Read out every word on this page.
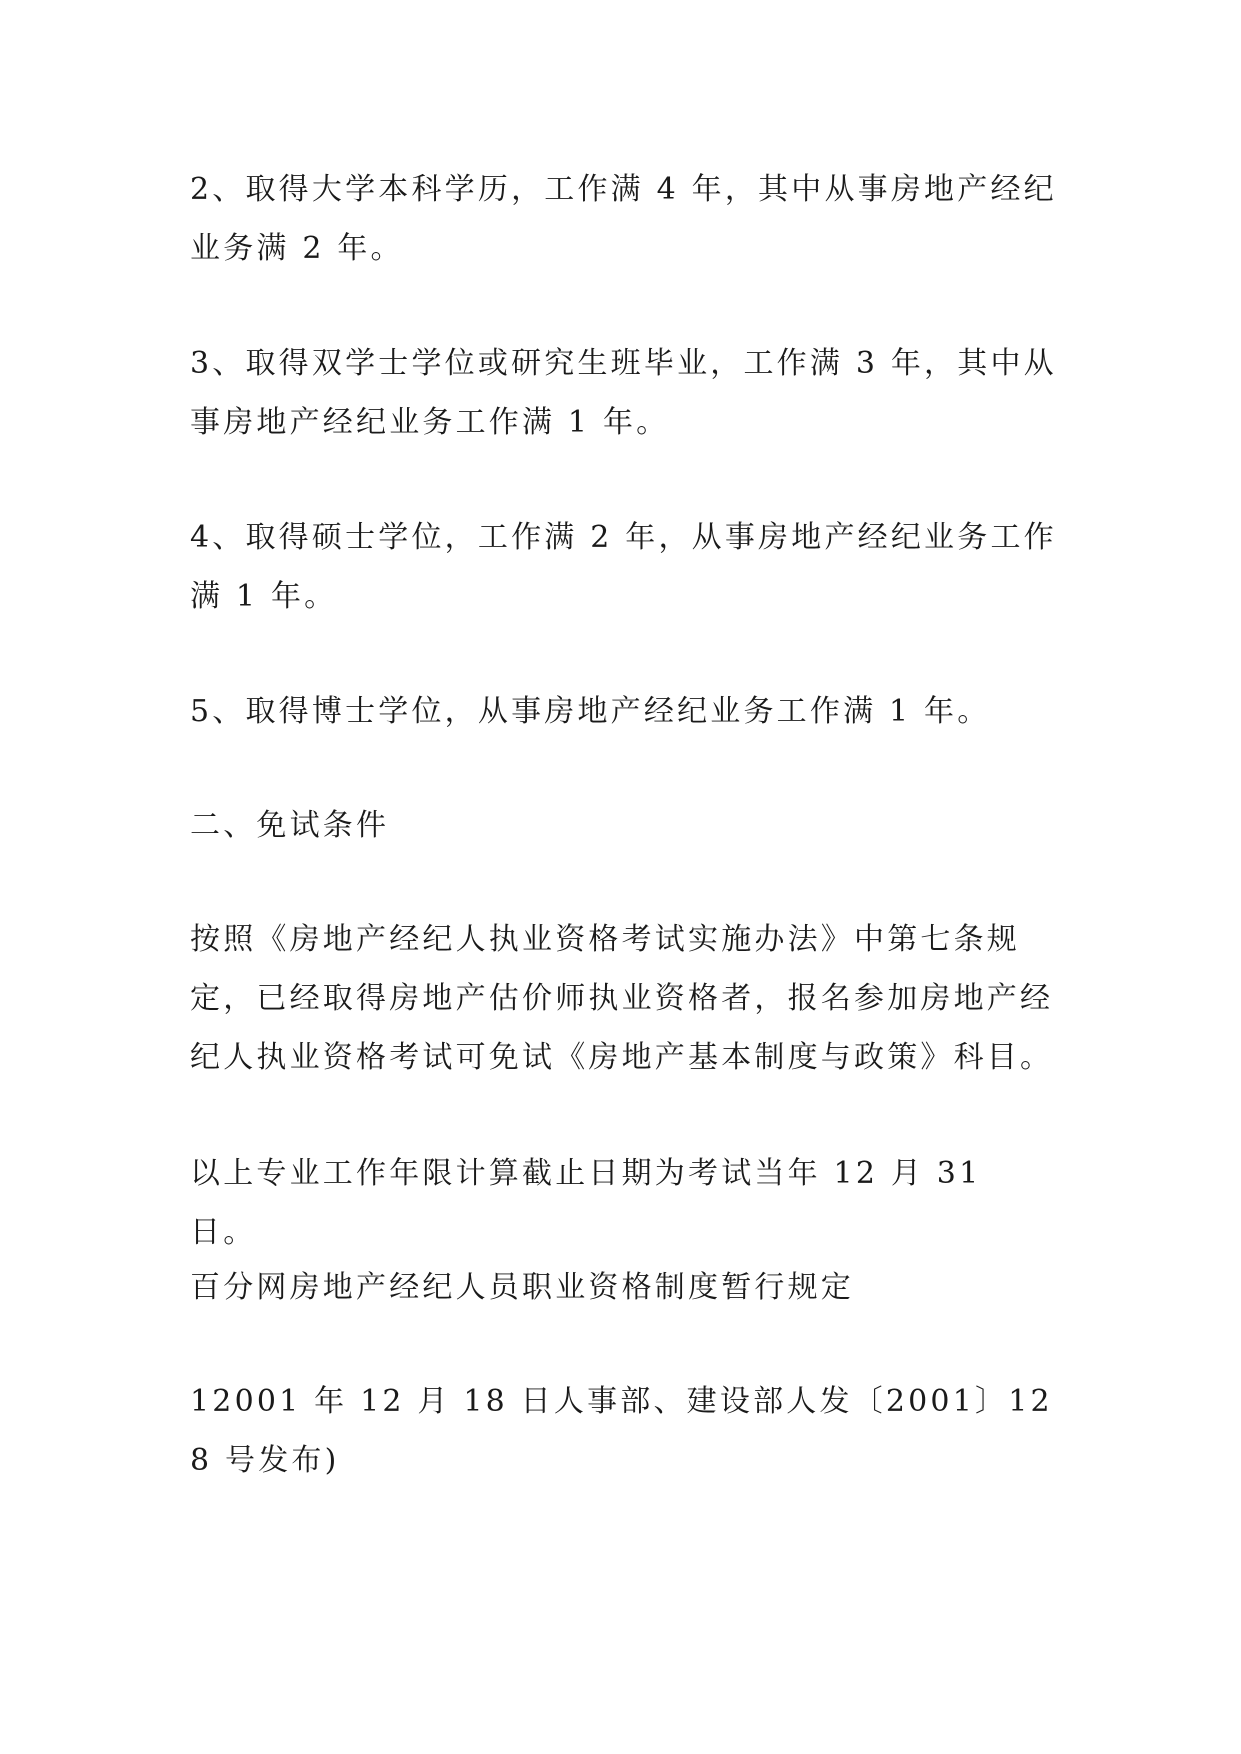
2、取得大学本科学历，工作满 4 年，其中从事房地产经纪业务满 2 年。

3、取得双学士学位或研究生班毕业，工作满 3 年，其中从事房地产经纪业务工作满 1 年。

4、取得硕士学位，工作满 2 年，从事房地产经纪业务工作满 1 年。

5、取得博士学位，从事房地产经纪业务工作满 1 年。

二、免试条件

按照《房地产经纪人执业资格考试实施办法》中第七条规定，已经取得房地产估价师执业资格者，报名参加房地产经纪人执业资格考试可免试《房地产基本制度与政策》科目。

以上专业工作年限计算截止日期为考试当年 12 月 31 日。

百分网房地产经纪人员职业资格制度暂行规定

12001 年 12 月 18 日人事部、建设部人发〔2001〕128 号发布)
